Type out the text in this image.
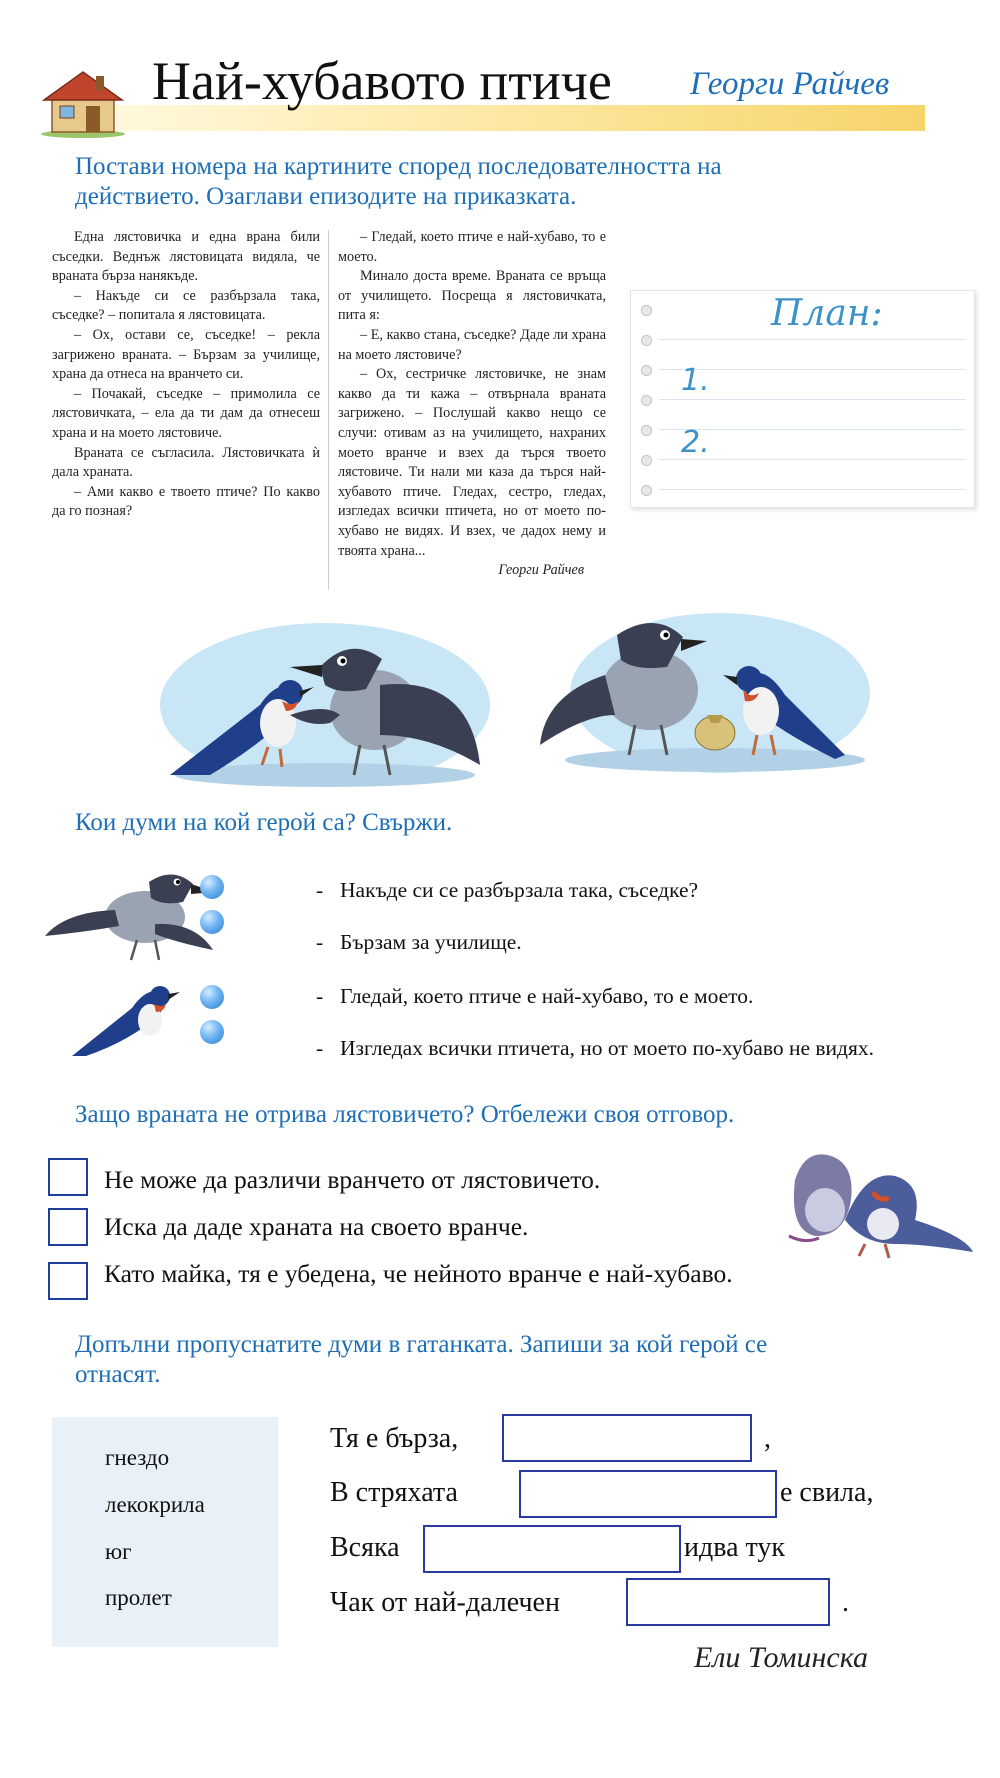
Най-хубавото птиче Георги Райчев
Постави номера на картините според последователността на
действието. Озаглави епизодите на приказката.

Една лястовичка и една врана били съседки. Веднъж лястовицата видяла, че враната бърза нанякъде.

– Накъде си се разбързала така, съседке? – попитала я лястовицата.

– Ох, остави се, съседке! – рекла загрижено враната. – Бързам за училище, храна да отнеса на вранчето си.

– Почакай, съседке – примолила се лястовичката, – ела да ти дам да отнесеш храна и на моето лястовиче.

Враната се съгласила. Лястовичката ѝ дала храната.

– Ами какво е твоето птиче? По какво да го позная?

– Гледай, което птиче е най-хубаво, то е моето.

Минало доста време. Враната се връща от училището. Посреща я лястовичката, пита я:

– Е, какво стана, съседке? Даде ли храна на моето лястовиче?

– Ох, сестричке лястовичке, не знам какво да ти кажа – отвърнала враната загрижено. – Послушай какво нещо се случи: отивам аз на училището, нахраних моето вранче и взех да търся твоето лястовиче. Ти нали ми каза да търся най-хубавото птиче. Гледах, сестро, гледах, изгледах всички птичета, но от моето по-хубаво не видях. И взех, че дадох нему и твоята храна...

Георги Райчев

План:
1.
2.
Кои думи на кой герой са? Свържи.
- Накъде си се разбързала така, съседке?
- Бързам за училище.
- Гледай, което птиче е най-хубаво, то е моето.
- Изгледах всички птичета, но от моето по-хубаво не видях.
Защо враната не отрива лястовичето? Отбележи своя отговор.
Не може да различи вранчето от лястовичето.
Иска да даде храната на своето вранче.
Като майка, тя е убедена, че нейното вранче е най-хубаво.
Допълни пропуснатите думи в гатанката. Запиши за кой герой се
отнасят.
гнездо
лекокрила
юг
пролет
Тя е бърза,	,
В стряхата	е свила,
Всяка	идва тук
Чак от най-далечен	.
Ели Томинска
